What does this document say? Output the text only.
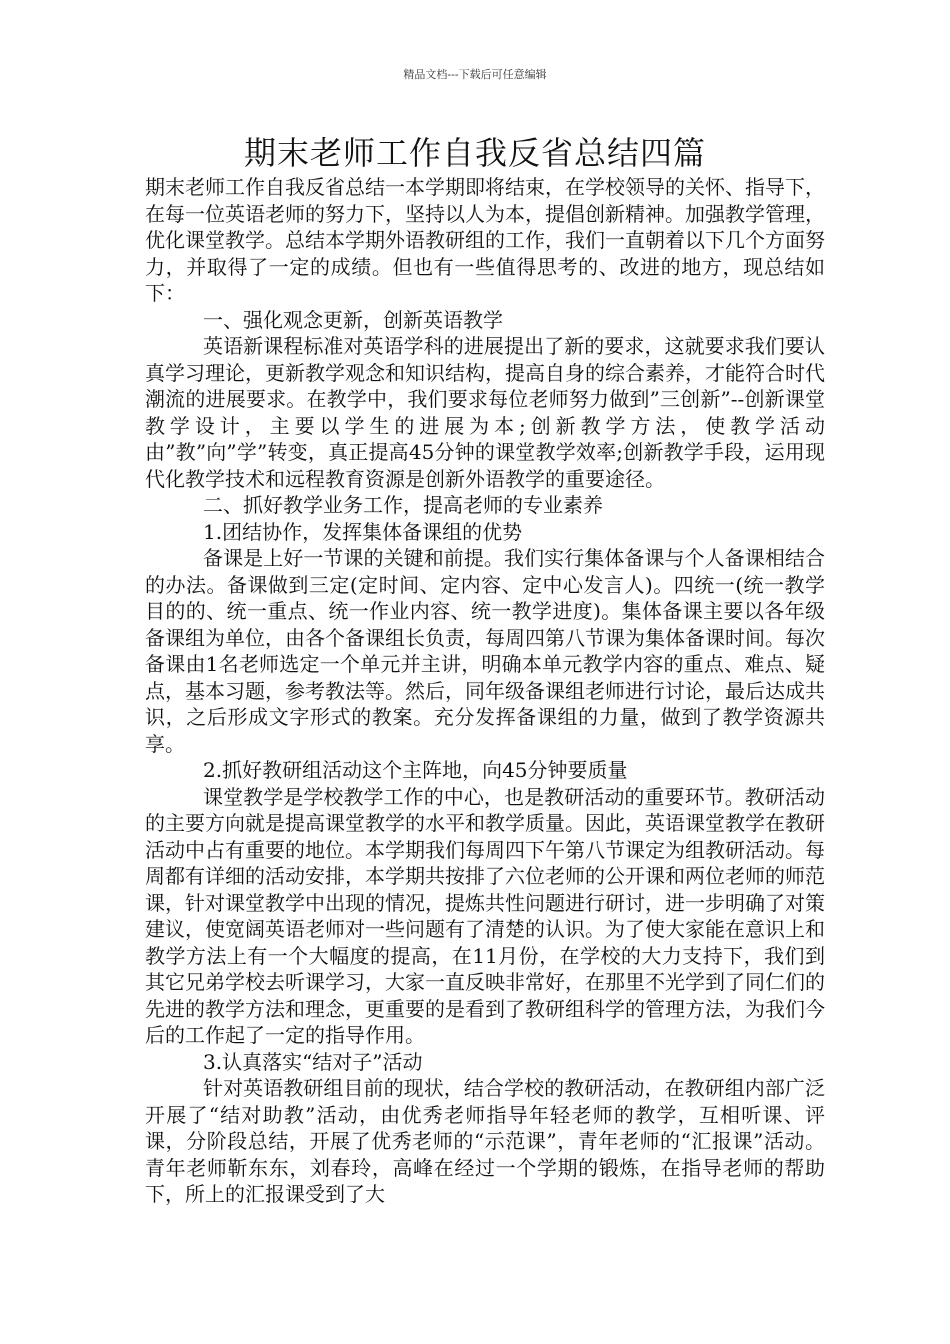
精品文档---下载后可任意编辑
期末老师工作自我反省总结四篇

期末老师工作自我反省总结一本学期即将结束，在学校领导的关怀、指导下，在每一位英语老师的努力下，坚持以人为本，提倡创新精神。加强教学管理，优化课堂教学。总结本学期外语教研组的工作，我们一直朝着以下几个方面努力，并取得了一定的成绩。但也有一些值得思考的、改进的地方，现总结如下：

一、强化观念更新，创新英语教学

英语新课程标准对英语学科的进展提出了新的要求，这就要求我们要认真学习理论，更新教学观念和知识结构，提高自身的综合素养，才能符合时代潮流的进展要求。在教学中，我们要求每位老师努力做到”三创新”--创新课堂教学设计，主要以学生的进展为本;创新教学方法，使教学活动由”教”向”学”转变，真正提高45分钟的课堂教学效率;创新教学手段，运用现代化教学技术和远程教育资源是创新外语教学的重要途径。

二、抓好教学业务工作，提高老师的专业素养

1.团结协作，发挥集体备课组的优势

备课是上好一节课的关键和前提。我们实行集体备课与个人备课相结合的办法。备课做到三定(定时间、定内容、定中心发言人)。四统一(统一教学目的的、统一重点、统一作业内容、统一教学进度)。集体备课主要以各年级备课组为单位，由各个备课组长负责，每周四第八节课为集体备课时间。每次备课由1名老师选定一个单元并主讲，明确本单元教学内容的重点、难点、疑点，基本习题，参考教法等。然后，同年级备课组老师进行讨论，最后达成共识，之后形成文字形式的教案。充分发挥备课组的力量，做到了教学资源共享。

2.抓好教研组活动这个主阵地，向45分钟要质量

课堂教学是学校教学工作的中心，也是教研活动的重要环节。教研活动的主要方向就是提高课堂教学的水平和教学质量。因此，英语课堂教学在教研活动中占有重要的地位。本学期我们每周四下午第八节课定为组教研活动。每周都有详细的活动安排，本学期共按排了六位老师的公开课和两位老师的师范课，针对课堂教学中出现的情况，提炼共性问题进行研讨，进一步明确了对策建议，使宽阔英语老师对一些问题有了清楚的认识。为了使大家能在意识上和教学方法上有一个大幅度的提高，在11月份，在学校的大力支持下，我们到其它兄弟学校去听课学习，大家一直反映非常好，在那里不光学到了同仁们的先进的教学方法和理念，更重要的是看到了教研组科学的管理方法，为我们今后的工作起了一定的指导作用。

3.认真落实“结对子”活动

针对英语教研组目前的现状，结合学校的教研活动，在教研组内部广泛开展了“结对助教”活动，由优秀老师指导年轻老师的教学，互相听课、评课，分阶段总结，开展了优秀老师的“示范课”，青年老师的“汇报课”活动。青年老师靳东东，刘春玲，高峰在经过一个学期的锻炼，在指导老师的帮助下，所上的汇报课受到了大
